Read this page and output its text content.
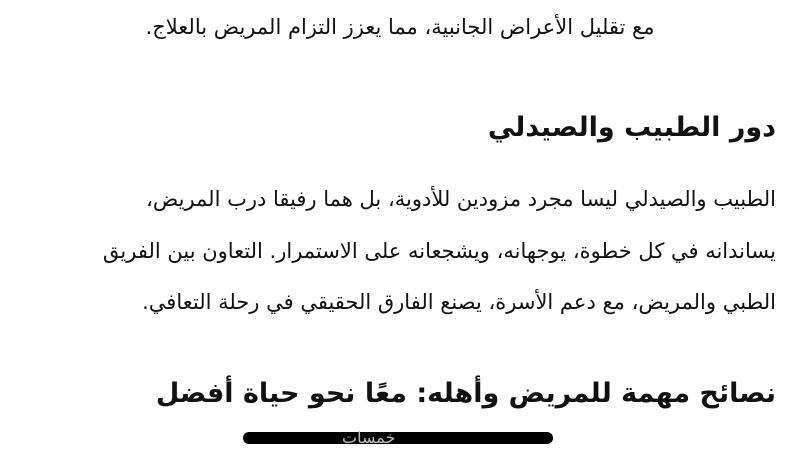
مع تقليل الأعراض الجانبية، مما يعزز التزام المريض بالعلاج.
دور الطبيب والصيدلي
الطبيب والصيدلي ليسا مجرد مزودين للأدوية، بل هما رفيقا درب المريض،
يساندانه في كل خطوة، يوجهانه، ويشجعانه على الاستمرار. التعاون بين الفريق
الطبي والمريض، مع دعم الأسرة، يصنع الفارق الحقيقي في رحلة التعافي.
نصائح مهمة للمريض وأهله: معًا نحو حياة أفضل
خمسات
